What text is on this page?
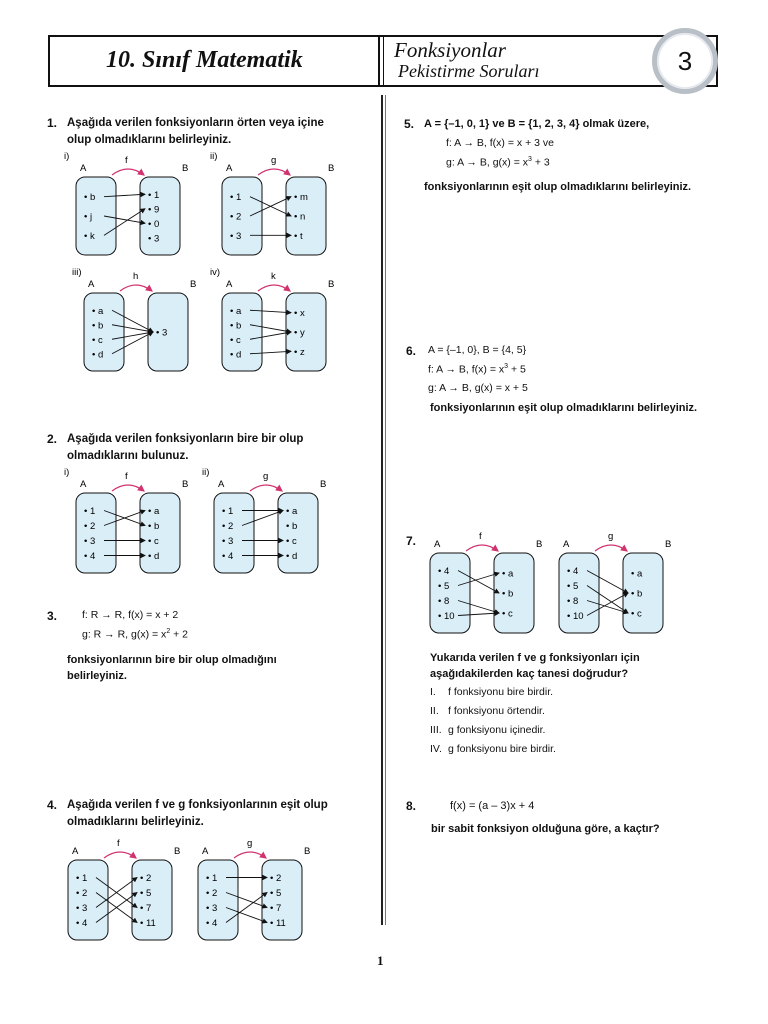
10. Sınıf Matematik	Fonksiyonlar
Pekistirme Soruları	3
1. Aşağıda verilen fonksiyonların örten veya içine olup olmadıklarını belirleyiniz.
2. Aşağıda verilen fonksiyonların bire bir olup olmadıklarını bulunuz.
3. f: R → R, f(x) = x + 2
g: R → R, $g(x) = x^2 + 2$
fonksiyonlarının bire bir olup olmadığını belirleyiniz.
4. Aşağıda verilen f ve g fonksiyonlarının eşit olup olmadıklarını belirleyiniz.
5. A = {–1, 0, 1} ve B = {1, 2, 3, 4} olmak üzere,
f: A → B, f(x) = x + 3 ve
g: A → B, $g(x) = x^3 + 3$
fonksiyonlarının eşit olup olmadıklarını belirleyiniz.
6. A = {–1, 0}, B = {4, 5}
f: A → B, $f(x) = x^3 + 5$
g: A → B, g(x) = x + 5
fonksiyonlarının eşit olup olmadıklarını belirleyiniz.
7.
Yukarıda verilen f ve g fonksiyonları için aşağıdakilerden kaç tanesi doğrudur?
I. f fonksiyonu bire birdir.
II. f fonksiyonu örtendir.
III. g fonksiyonu içinedir.
IV. g fonksiyonu bire birdir.
8.	f(x) = (a – 3)x + 4
bir sabit fonksiyon olduğuna göre, a kaçtır?
1
A	B
i)	f
• b
• j
• k
• 1
• 9
• 0
• 3
A	B
ii)	g
• 1
• 2
• 3
• m
• n
• t
A	B
iii)	h
• a
• b
• c
• d
• 3
A	B
iv)	k
• a
• b
• c
• d
• x
• y
• z
A	B
i)	f
• 1
• 2
• 3
• 4
• a
• b
• c
• d
A	B
ii)	g
• 1
• 2
• 3
• 4
• a
• b
• c
• d
A	B
f
• 1
• 2
• 3
• 4
• 2
• 5
• 7
• 11
A	B
g
• 1
• 2
• 3
• 4
• 2
• 5
• 7
• 11
A	B
f
• 4
• 5
• 8
• 10
• a
• b
• c
A	B
g
• 4
• 5
• 8
• 10
• a
• b
• c
